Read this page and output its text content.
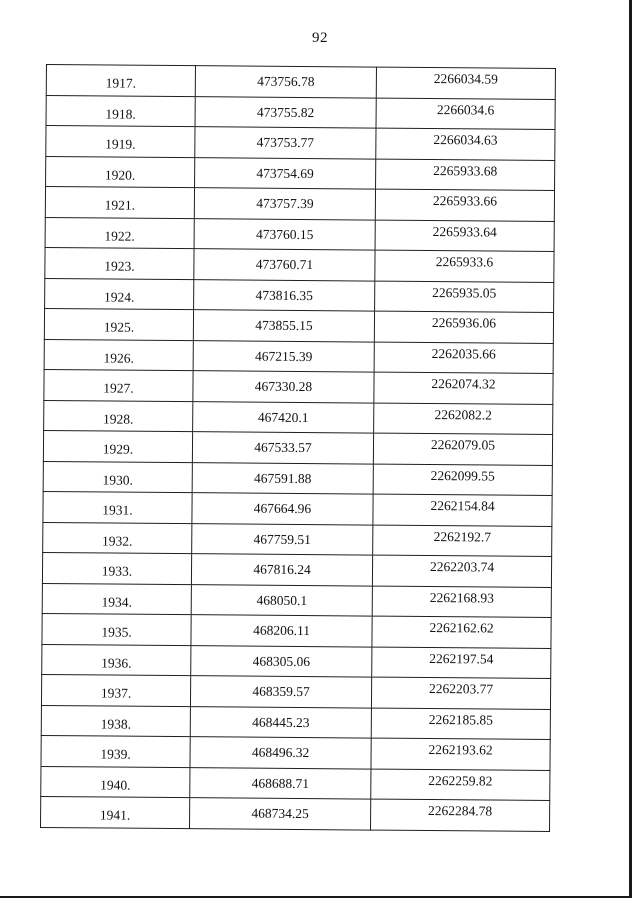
92
1917.	473756.78	2266034.59
1918.	473755.82	2266034.6
1919.	473753.77	2266034.63
1920.	473754.69	2265933.68
1921.	473757.39	2265933.66
1922.	473760.15	2265933.64
1923.	473760.71	2265933.6
1924.	473816.35	2265935.05
1925.	473855.15	2265936.06
1926.	467215.39	2262035.66
1927.	467330.28	2262074.32
1928.	467420.1	2262082.2
1929.	467533.57	2262079.05
1930.	467591.88	2262099.55
1931.	467664.96	2262154.84
1932.	467759.51	2262192.7
1933.	467816.24	2262203.74
1934.	468050.1	2262168.93
1935.	468206.11	2262162.62
1936.	468305.06	2262197.54
1937.	468359.57	2262203.77
1938.	468445.23	2262185.85
1939.	468496.32	2262193.62
1940.	468688.71	2262259.82
1941.	468734.25	2262284.78
